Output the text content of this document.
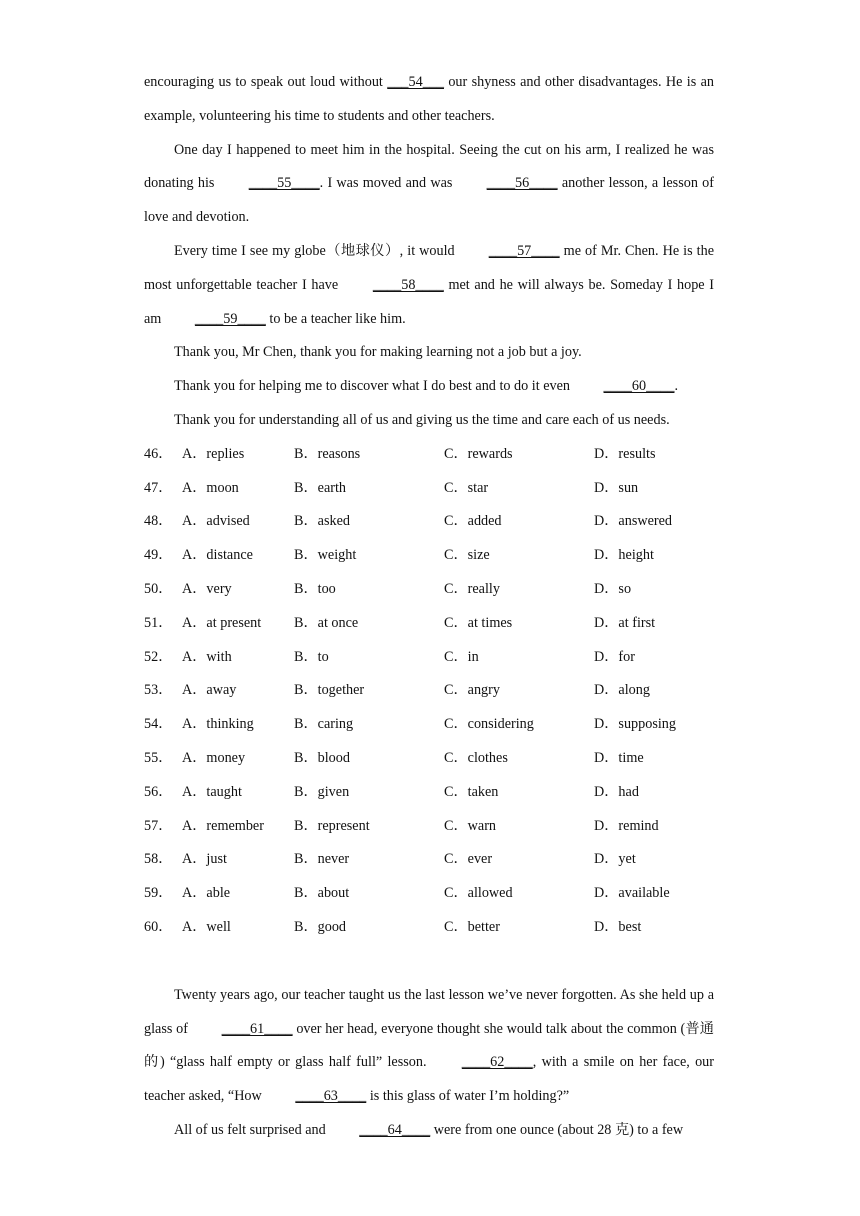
encouraging us to speak out loud without ___54___ our shyness and other disadvantages. He is an example, volunteering his time to students and other teachers.

One day I happened to meet him in the hospital. Seeing the cut on his arm, I realized he was donating his ____55____. I was moved and was ____56____ another lesson, a lesson of love and devotion.

Every time I see my globe（地球仪）, it would ____57____ me of Mr. Chen. He is the most unforgettable teacher I have ____58____ met and he will always be. Someday I hope I am ____59____ to be a teacher like him.

Thank you, Mr Chen, thank you for making learning not a job but a joy.

Thank you for helping me to discover what I do best and to do it even ____60____.

Thank you for understanding all of us and giving us the time and care each of us needs.

46． A．replies	B．reasons	C．rewards	D．results
47． A．moon	B．earth	C．star	D．sun
48． A．advised	B．asked	C．added	D．answered
49． A．distance	B．weight	C．size	D．height
50． A．very	B．too	C．really	D．so
51． A．at present	B．at once	C．at times	D．at first
52． A．with	B．to	C．in	D．for
53． A．away	B．together	C．angry	D．along
54． A．thinking	B．caring	C．considering	D．supposing
55． A．money	B．blood	C．clothes	D．time
56． A．taught	B．given	C．taken	D．had
57． A．remember	B．represent	C．warn	D．remind
58． A．just	B．never	C．ever	D．yet
59． A．able	B．about	C．allowed	D．available
60． A．well	B．good	C．better	D．best

Twenty years ago, our teacher taught us the last lesson we’ve never forgotten. As she held up a glass of ____61____ over her head, everyone thought she would talk about the common (普通的) “glass half empty or glass half full” lesson. ____62____, with a smile on her face, our teacher asked, “How ____63____ is this glass of water I’m holding?”

All of us felt surprised and ____64____ were from one ounce (about 28 克) to a few
